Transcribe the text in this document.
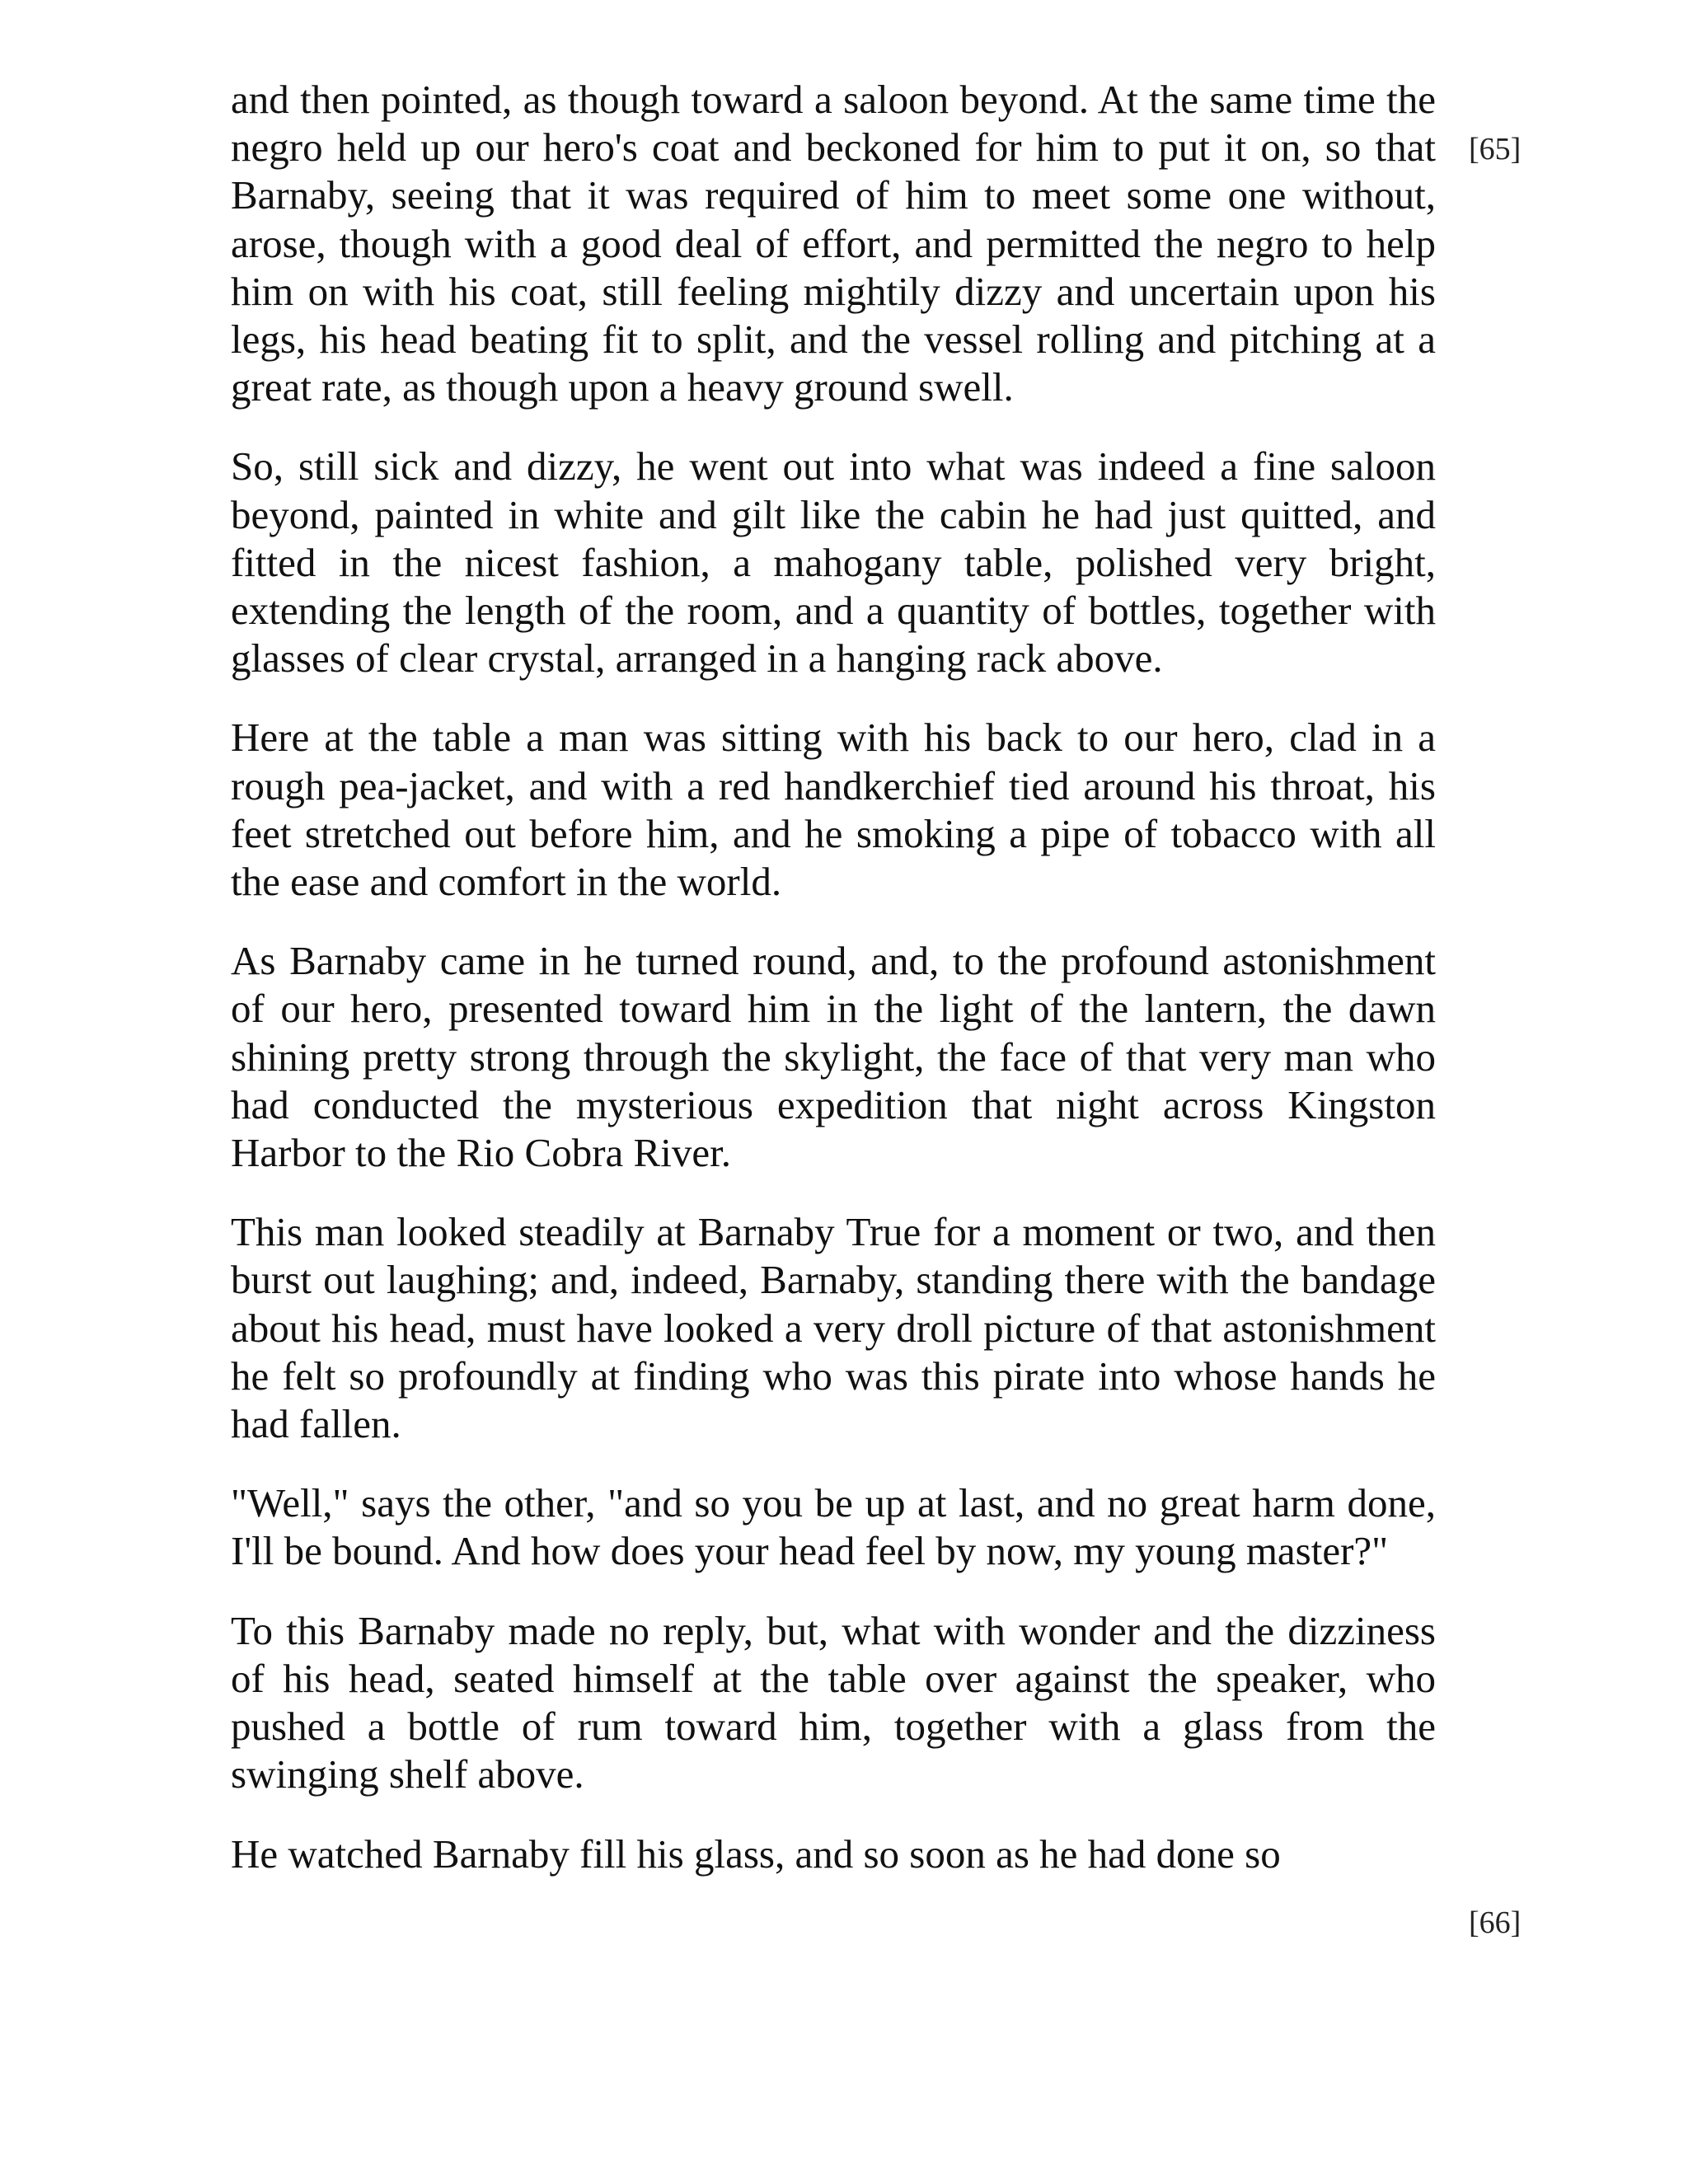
and then pointed, as though toward a saloon beyond. At the same time the negro held up our hero's coat and beckoned for him to put it on, so that Barnaby, seeing that it was required of him to meet some one without, arose, though with a good deal of effort, and permitted the negro to help him on with his coat, still feeling mightily dizzy and uncertain upon his legs, his head beating fit to split, and the vessel rolling and pitching at a great rate, as though upon a heavy ground swell.

So, still sick and dizzy, he went out into what was indeed a fine saloon beyond, painted in white and gilt like the cabin he had just quitted, and fitted in the nicest fashion, a mahogany table, polished very bright, extending the length of the room, and a quantity of bottles, together with glasses of clear crystal, arranged in a hanging rack above.

Here at the table a man was sitting with his back to our hero, clad in a rough pea-jacket, and with a red handkerchief tied around his throat, his feet stretched out before him, and he smoking a pipe of tobacco with all the ease and comfort in the world.

As Barnaby came in he turned round, and, to the profound astonishment of our hero, presented toward him in the light of the lantern, the dawn shining pretty strong through the skylight, the face of that very man who had conducted the mysterious expedition that night across Kingston Harbor to the Rio Cobra River.

This man looked steadily at Barnaby True for a moment or two, and then burst out laughing; and, indeed, Barnaby, standing there with the bandage about his head, must have looked a very droll picture of that astonishment he felt so profoundly at finding who was this pirate into whose hands he had fallen.

"Well," says the other, "and so you be up at last, and no great harm done, I'll be bound. And how does your head feel by now, my young master?"

To this Barnaby made no reply, but, what with wonder and the dizziness of his head, seated himself at the table over against the speaker, who pushed a bottle of rum toward him, together with a glass from the swinging shelf above.

He watched Barnaby fill his glass, and so soon as he had done so

[65]
[66]
